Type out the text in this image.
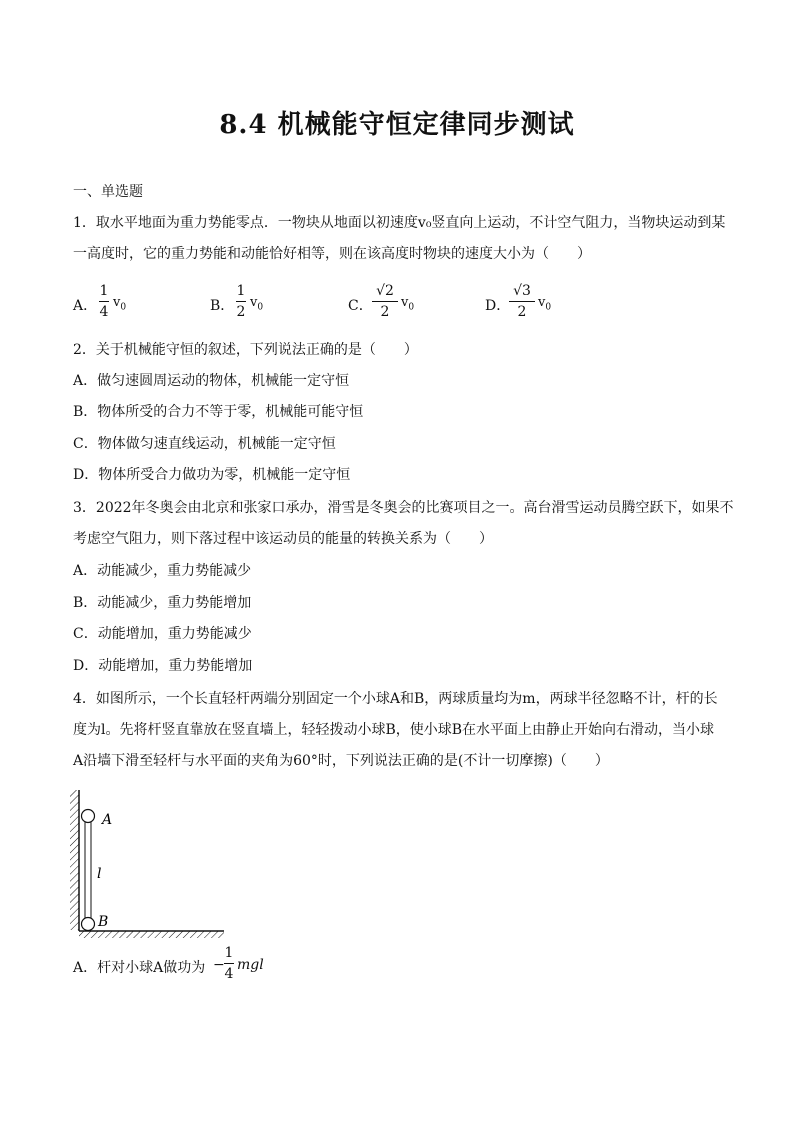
8.4 机械能守恒定律同步测试
一、单选题
1．取水平地面为重力势能零点．一物块从地面以初速度v₀竖直向上运动，不计空气阻力，当物块运动到某
一高度时，它的重力势能和动能恰好相等，则在该高度时物块的速度大小为（　　）
A．
1
4
$v_0$	B．
1
2
$v_0$	C．
√2
2
$v_0$	D．
√3
2
$v_0$
2．关于机械能守恒的叙述，下列说法正确的是（　　）
A．做匀速圆周运动的物体，机械能一定守恒
B．物体所受的合力不等于零，机械能可能守恒
C．物体做匀速直线运动，机械能一定守恒
D．物体所受合力做功为零，机械能一定守恒
3．2022年冬奥会由北京和张家口承办，滑雪是冬奥会的比赛项目之一。高台滑雪运动员腾空跃下，如果不
考虑空气阻力，则下落过程中该运动员的能量的转换关系为（　　）
A．动能减少，重力势能减少
B．动能减少，重力势能增加
C．动能增加，重力势能减少
D．动能增加，重力势能增加
4．如图所示，一个长直轻杆两端分别固定一个小球A和B，两球质量均为m，两球半径忽略不计，杆的长
度为l。先将杆竖直靠放在竖直墙上，轻轻拨动小球B，使小球B在水平面上由静止开始向右滑动，当小球
A沿墙下滑至轻杆与水平面的夹角为60°时，下列说法正确的是(不计一切摩擦)（　　）
A
l
B
A．杆对小球A做功为 −
1
4
mgl
